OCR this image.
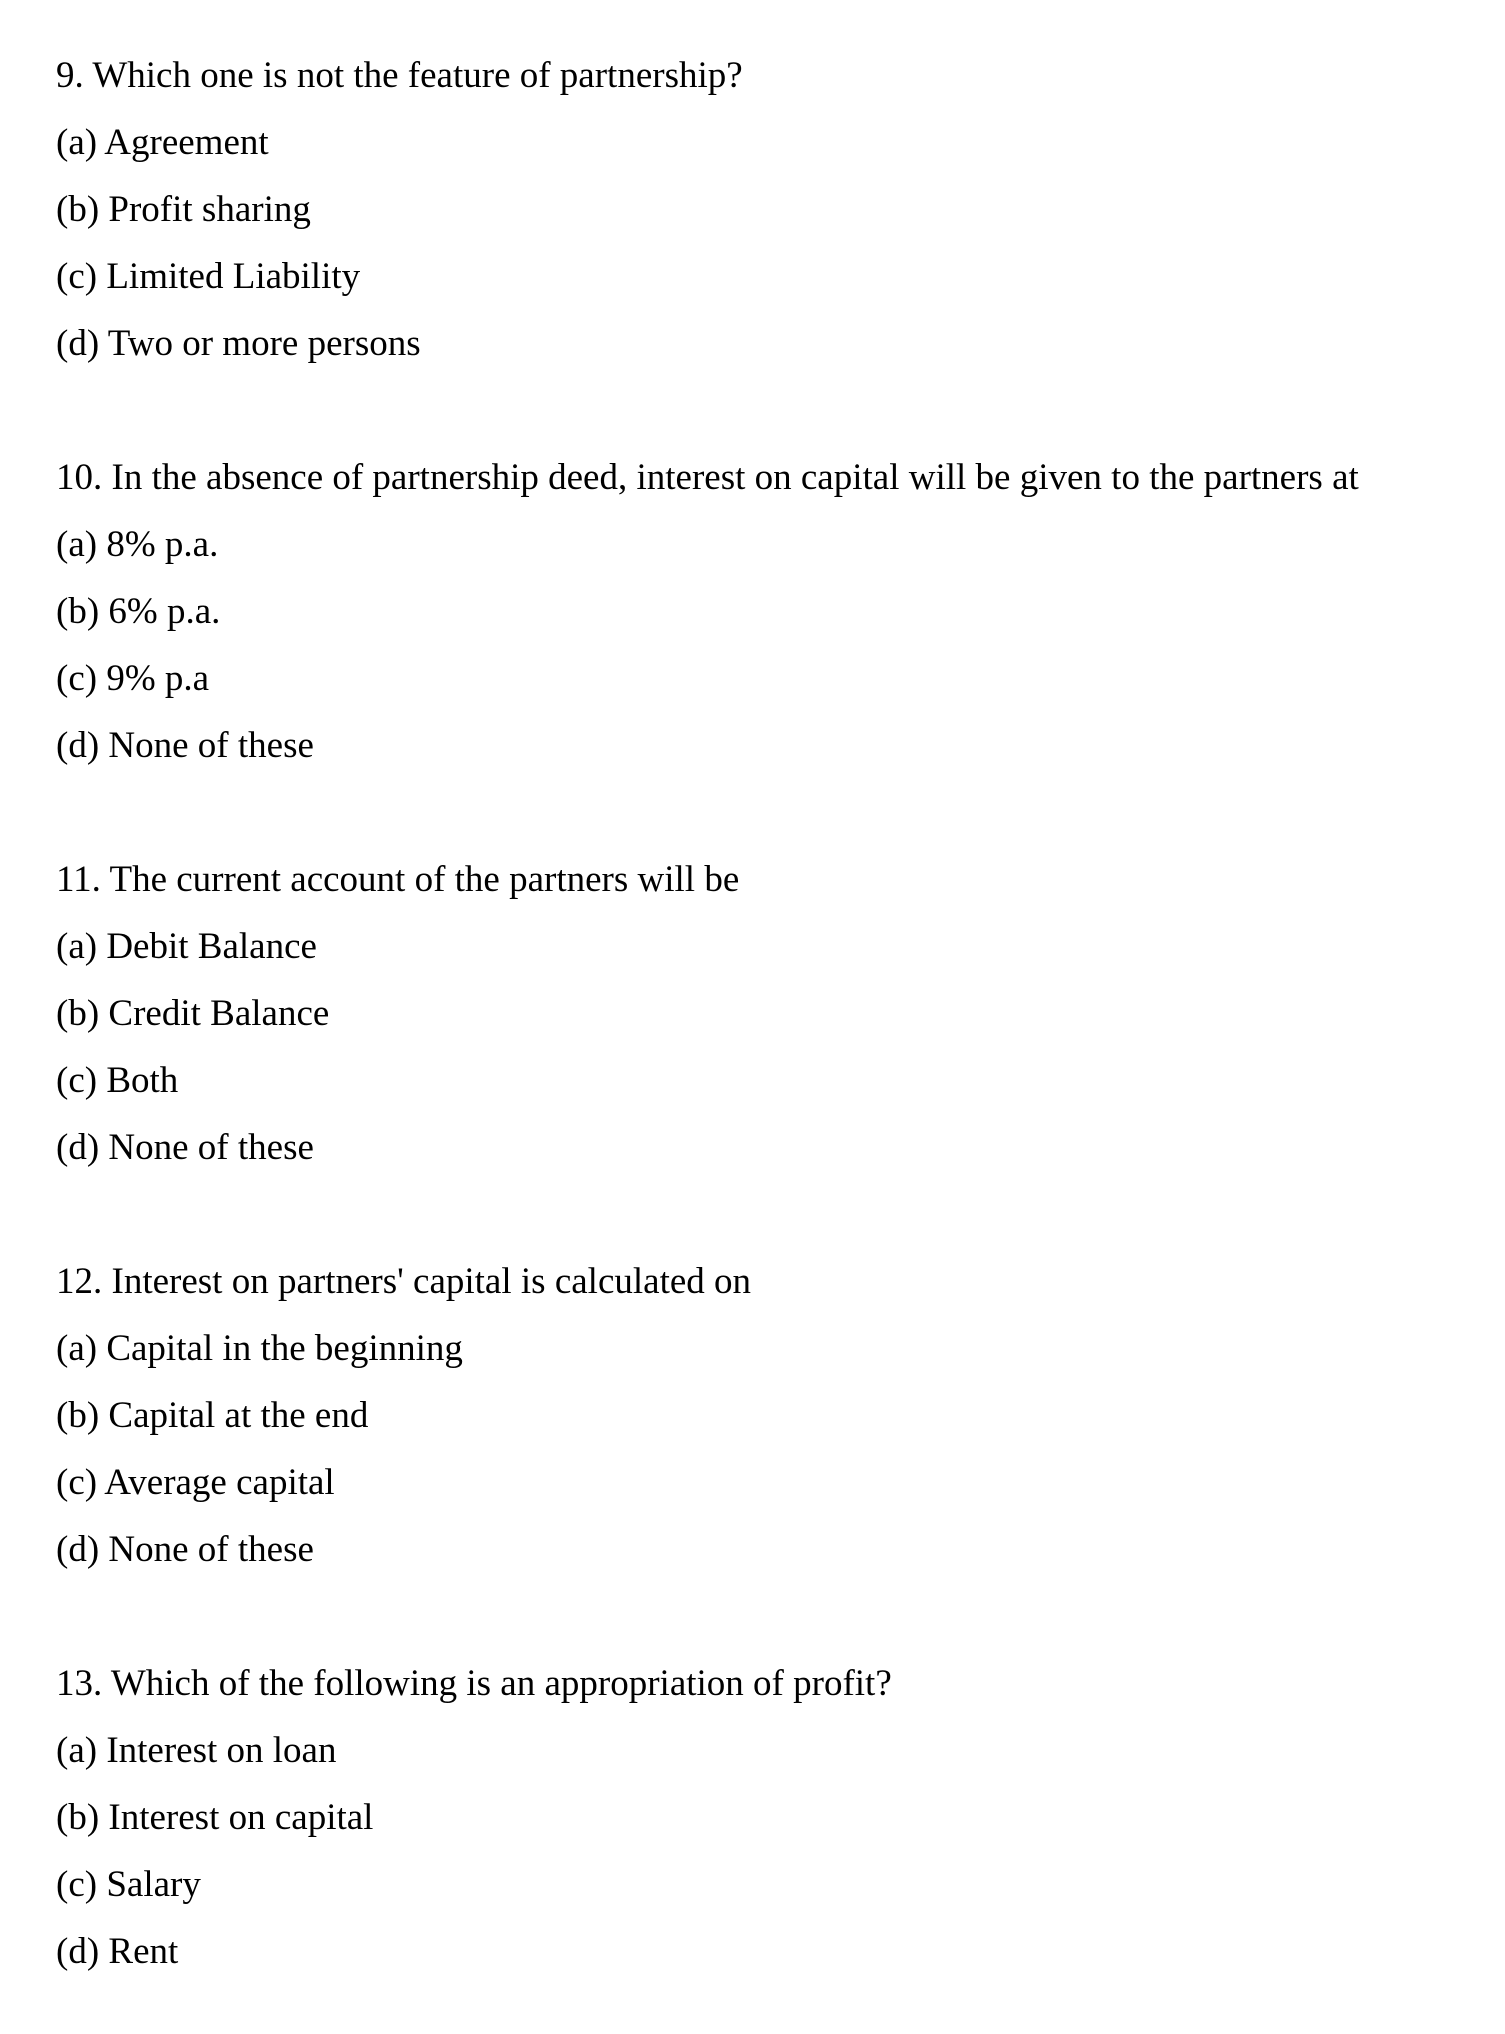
9. Which one is not the feature of partnership?
(a) Agreement
(b) Profit sharing
(c) Limited Liability
(d) Two or more persons
10. In the absence of partnership deed, interest on capital will be given to the partners at
(a) 8% p.a.
(b) 6% p.a.
(c) 9% p.a
(d) None of these
11. The current account of the partners will be
(a) Debit Balance
(b) Credit Balance
(c) Both
(d) None of these
12. Interest on partners' capital is calculated on
(a) Capital in the beginning
(b) Capital at the end
(c) Average capital
(d) None of these
13. Which of the following is an appropriation of profit?
(a) Interest on loan
(b) Interest on capital
(c) Salary
(d) Rent
